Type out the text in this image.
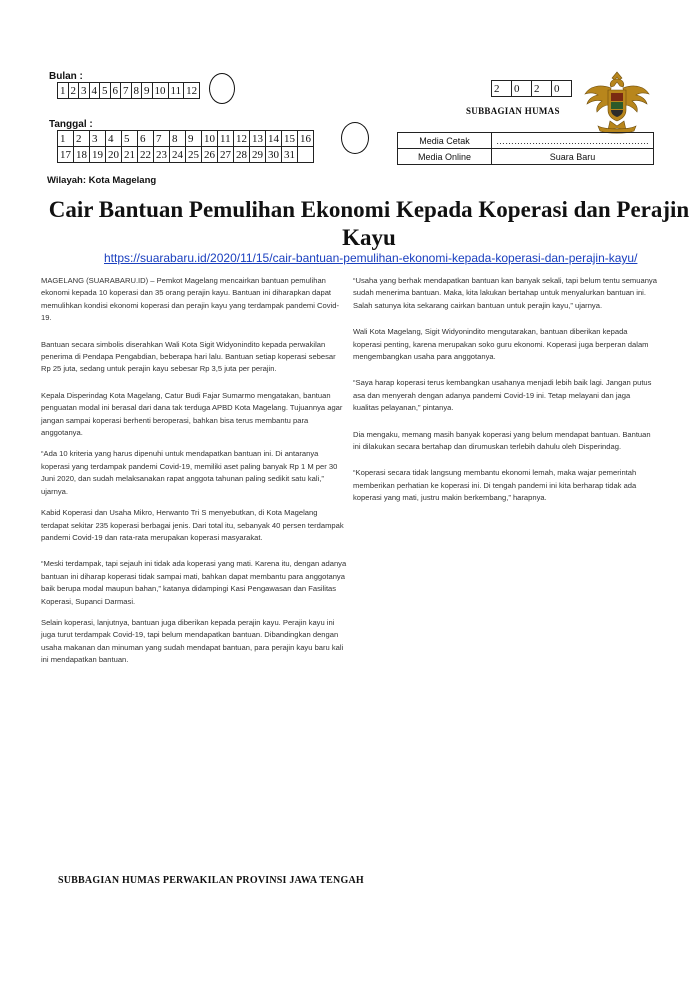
Bulan :
1	2	3	4	5	6	7	8	9	10	11	12
Tanggal :
1	2	3	4	5	6	7	8	9	10	11	12	13	14	15	16
17	18	19	20	21	22	23	24	25	26	27	28	29	30	31	
2	0	2	0
SUBBAGIAN HUMAS
Media Cetak	……………………………………………
Media Online	Suara Baru
Wilayah: Kota Magelang
Cair Bantuan Pemulihan Ekonomi Kepada Koperasi dan Perajin Kayu
https://suarabaru.id/2020/11/15/cair-bantuan-pemulihan-ekonomi-kepada-koperasi-dan-perajin-kayu/

MAGELANG (SUARABARU.ID) – Pemkot Magelang mencairkan bantuan pemulihan ekonomi kepada 10 koperasi dan 35 orang perajin kayu. Bantuan ini diharapkan dapat memulihkan kondisi ekonomi koperasi dan perajin kayu yang terdampak pandemi Covid-19.

Bantuan secara simbolis diserahkan Wali Kota Sigit Widyonindito kepada perwakilan penerima di Pendapa Pengabdian, beberapa hari lalu. Bantuan setiap koperasi sebesar Rp 25 juta, sedang untuk perajin kayu sebesar Rp 3,5 juta per perajin.

Kepala Disperindag Kota Magelang, Catur Budi Fajar Sumarmo mengatakan, bantuan penguatan modal ini berasal dari dana tak terduga APBD Kota Magelang. Tujuannya agar jangan sampai koperasi berhenti beroperasi, bahkan bisa terus membantu para anggotanya.

“Ada 10 kriteria yang harus dipenuhi untuk mendapatkan bantuan ini. Di antaranya koperasi yang terdampak pandemi Covid-19, memiliki aset paling banyak Rp 1 M per 30 Juni 2020, dan sudah melaksanakan rapat anggota tahunan paling sedikit satu kali,” ujarnya.

Kabid Koperasi dan Usaha Mikro, Herwanto Tri S menyebutkan, di Kota Magelang terdapat sekitar 235 koperasi berbagai jenis. Dari total itu, sebanyak 40 persen terdampak pandemi Covid-19 dan rata-rata merupakan koperasi masyarakat.

“Meski terdampak, tapi sejauh ini tidak ada koperasi yang mati. Karena itu, dengan adanya bantuan ini diharap koperasi tidak sampai mati, bahkan dapat membantu para anggotanya baik berupa modal maupun bahan,” katanya didampingi Kasi Pengawasan dan Fasilitas Koperasi, Supanci Darmasi.

Selain koperasi, lanjutnya, bantuan juga diberikan kepada perajin kayu. Perajin kayu ini juga turut terdampak Covid-19, tapi belum mendapatkan bantuan. Dibandingkan dengan usaha makanan dan minuman yang sudah mendapat bantuan, para perajin kayu baru kali ini mendapatkan bantuan.

“Usaha yang berhak mendapatkan bantuan kan banyak sekali, tapi belum tentu semuanya sudah menerima bantuan. Maka, kita lakukan bertahap untuk menyalurkan bantuan ini. Salah satunya kita sekarang cairkan bantuan untuk perajin kayu,” ujarnya.

Wali Kota Magelang, Sigit Widyonindito mengutarakan, bantuan diberikan kepada koperasi penting, karena merupakan soko guru ekonomi. Koperasi juga berperan dalam mengembangkan usaha para anggotanya.

“Saya harap koperasi terus kembangkan usahanya menjadi lebih baik lagi. Jangan putus asa dan menyerah dengan adanya pandemi Covid-19 ini. Tetap melayani dan jaga kualitas pelayanan,” pintanya.

Dia mengaku, memang masih banyak koperasi yang belum mendapat bantuan. Bantuan ini dilakukan secara bertahap dan dirumuskan terlebih dahulu oleh Disperindag.

“Koperasi secara tidak langsung membantu ekonomi lemah, maka wajar pemerintah memberikan perhatian ke koperasi ini. Di tengah pandemi ini kita berharap tidak ada koperasi yang mati, justru makin berkembang,” harapnya.

SUBBAGIAN HUMAS PERWAKILAN PROVINSI JAWA TENGAH
